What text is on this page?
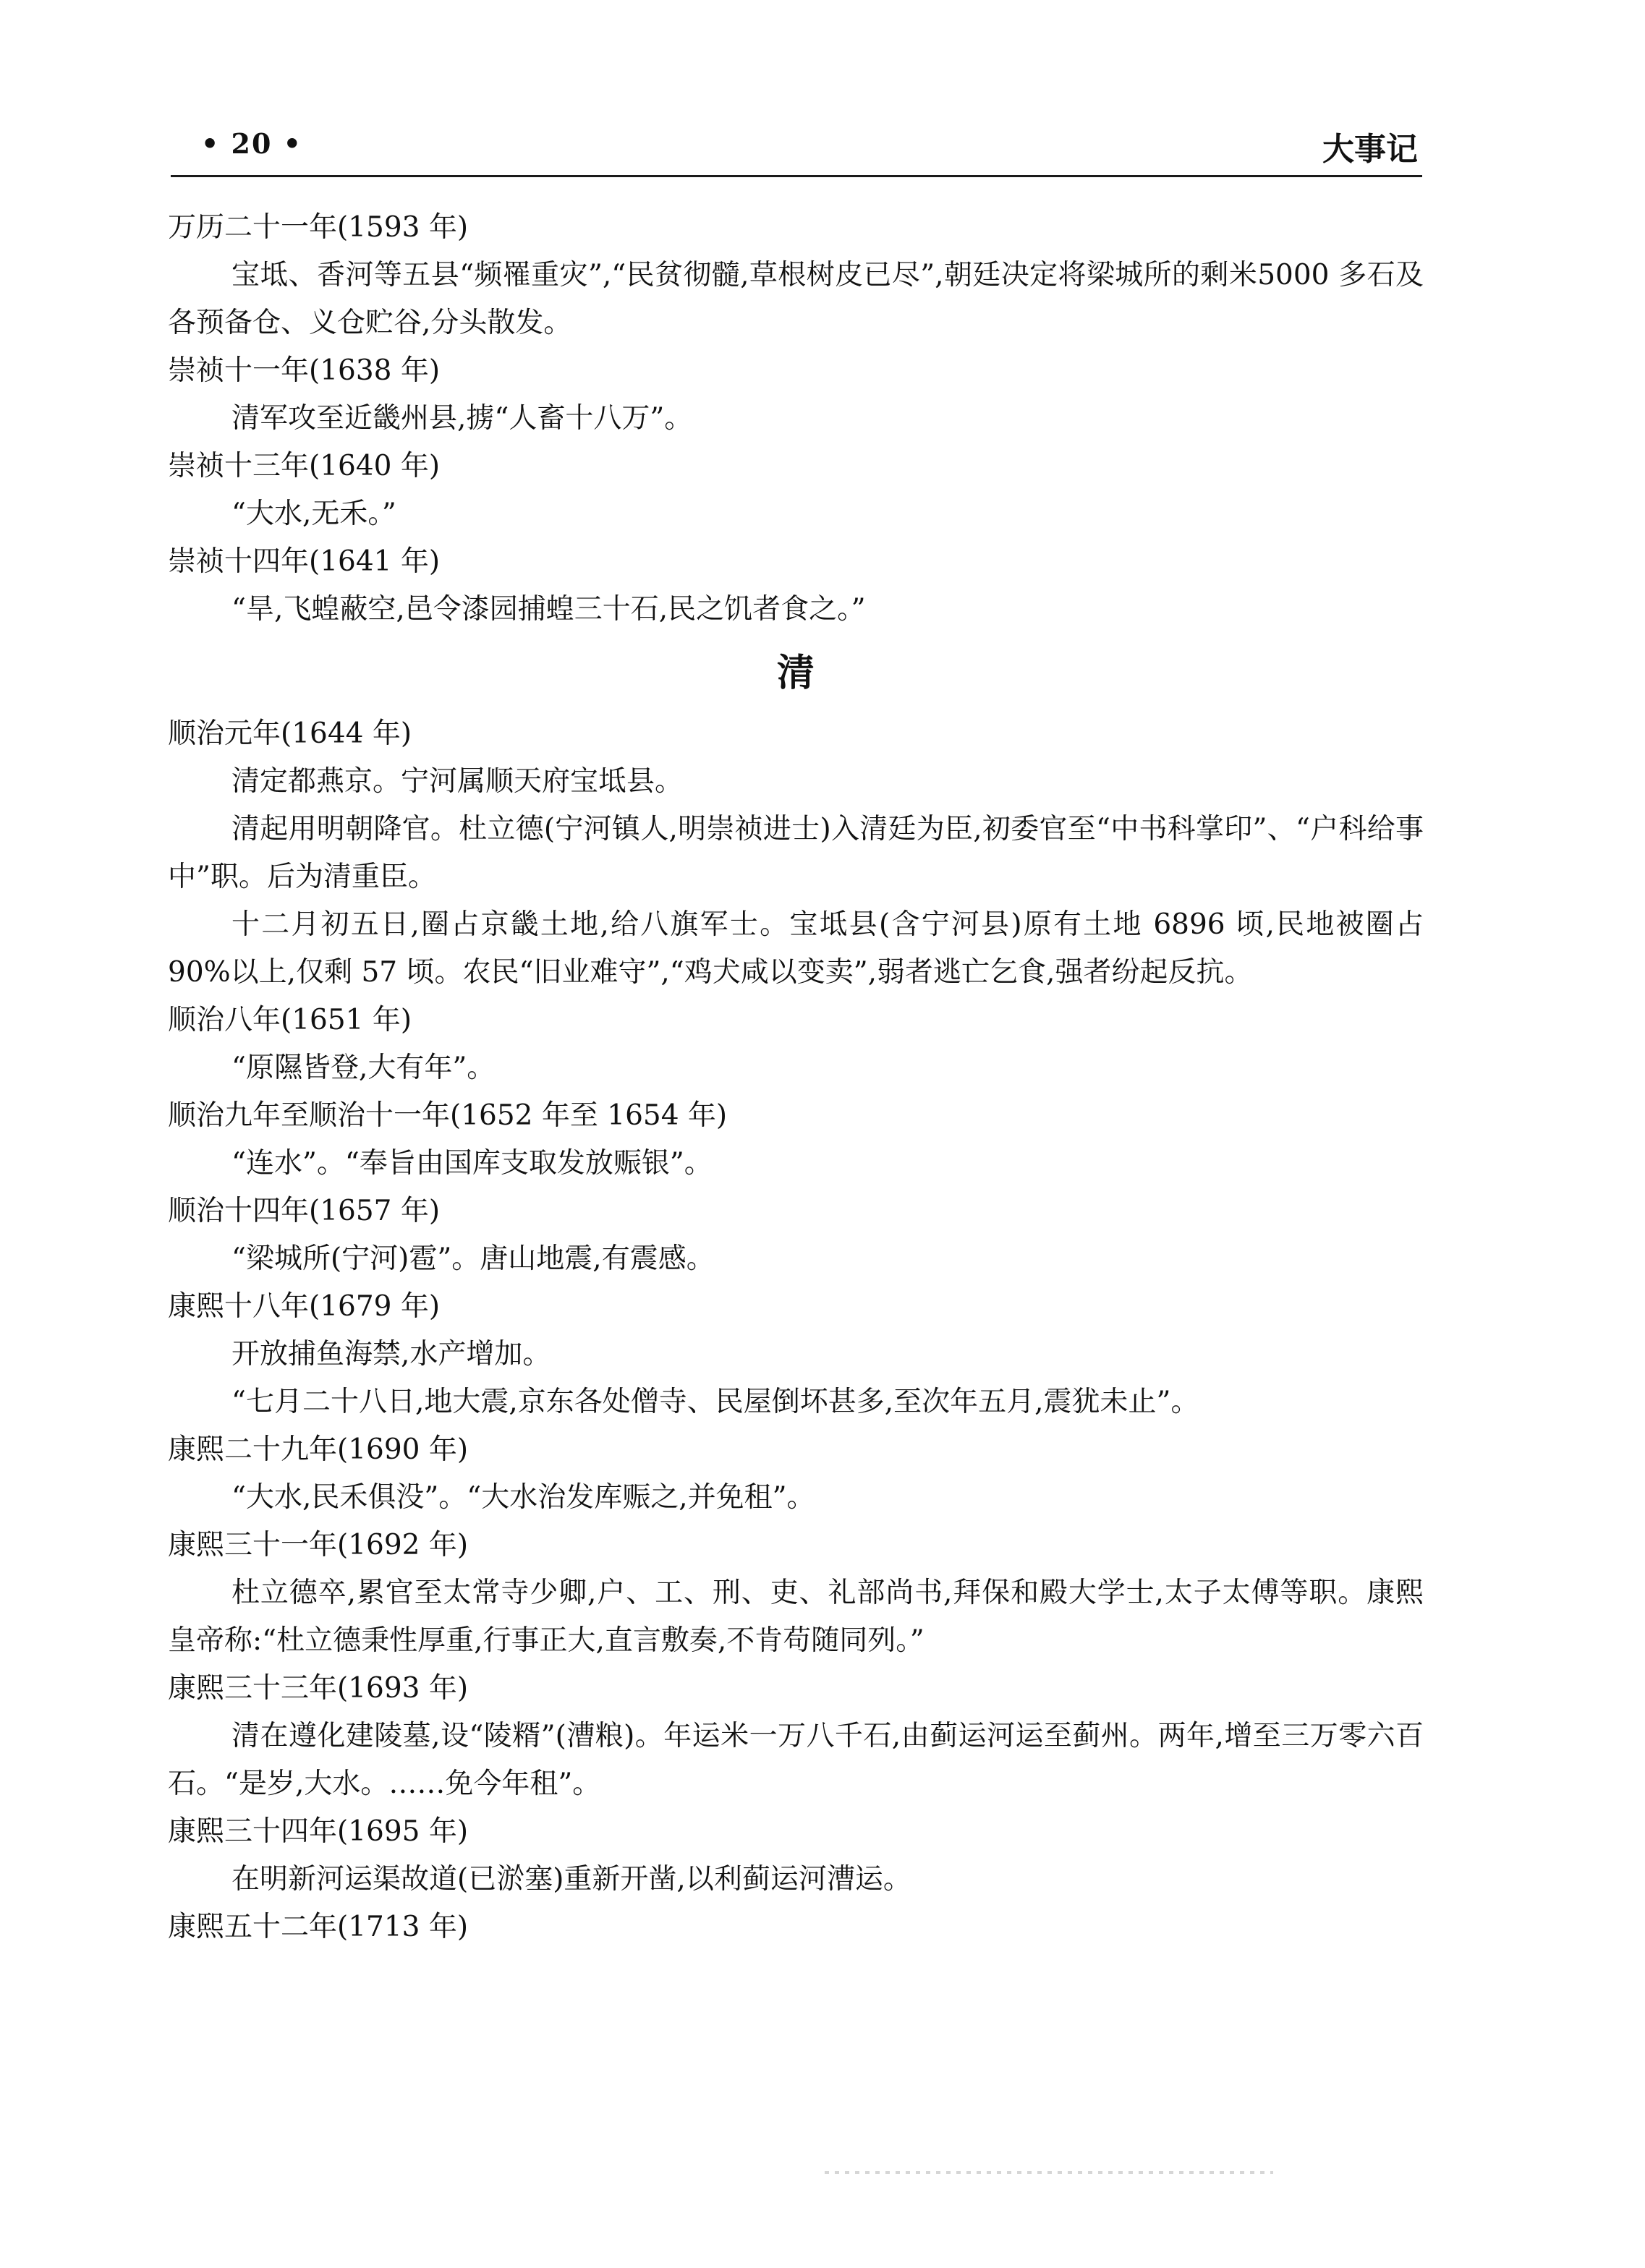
• 20 •	大事记

万历二十一年(1593 年)

宝坻、香河等五县“频罹重灾”,“民贫彻髓,草根树皮已尽”,朝廷决定将梁城所的剩米5000 多石及各预备仓、义仓贮谷,分头散发。

崇祯十一年(1638 年)

清军攻至近畿州县,掳“人畜十八万”。

崇祯十三年(1640 年)

“大水,无禾。”

崇祯十四年(1641 年)

“旱,飞蝗蔽空,邑令漆园捕蝗三十石,民之饥者食之。”

清

顺治元年(1644 年)

清定都燕京。宁河属顺天府宝坻县。

清起用明朝降官。杜立德(宁河镇人,明崇祯进士)入清廷为臣,初委官至“中书科掌印”、“户科给事中”职。后为清重臣。

十二月初五日,圈占京畿土地,给八旗军士。宝坻县(含宁河县)原有土地 6896 顷,民地被圈占 90%以上,仅剩 57 顷。农民“旧业难守”,“鸡犬咸以变卖”,弱者逃亡乞食,强者纷起反抗。

顺治八年(1651 年)

“原隰皆登,大有年”。

顺治九年至顺治十一年(1652 年至 1654 年)

“连水”。“奉旨由国库支取发放赈银”。

顺治十四年(1657 年)

“梁城所(宁河)雹”。唐山地震,有震感。

康熙十八年(1679 年)

开放捕鱼海禁,水产增加。

“七月二十八日,地大震,京东各处僧寺、民屋倒坏甚多,至次年五月,震犹未止”。

康熙二十九年(1690 年)

“大水,民禾俱没”。“大水治发库赈之,并免租”。

康熙三十一年(1692 年)

杜立德卒,累官至太常寺少卿,户、工、刑、吏、礼部尚书,拜保和殿大学士,太子太傅等职。康熙皇帝称:“杜立德秉性厚重,行事正大,直言敷奏,不肯苟随同列。”

康熙三十三年(1693 年)

清在遵化建陵墓,设“陵糈”(漕粮)。年运米一万八千石,由蓟运河运至蓟州。两年,增至三万零六百石。“是岁,大水。……免今年租”。

康熙三十四年(1695 年)

在明新河运渠故道(已淤塞)重新开凿,以利蓟运河漕运。

康熙五十二年(1713 年)
